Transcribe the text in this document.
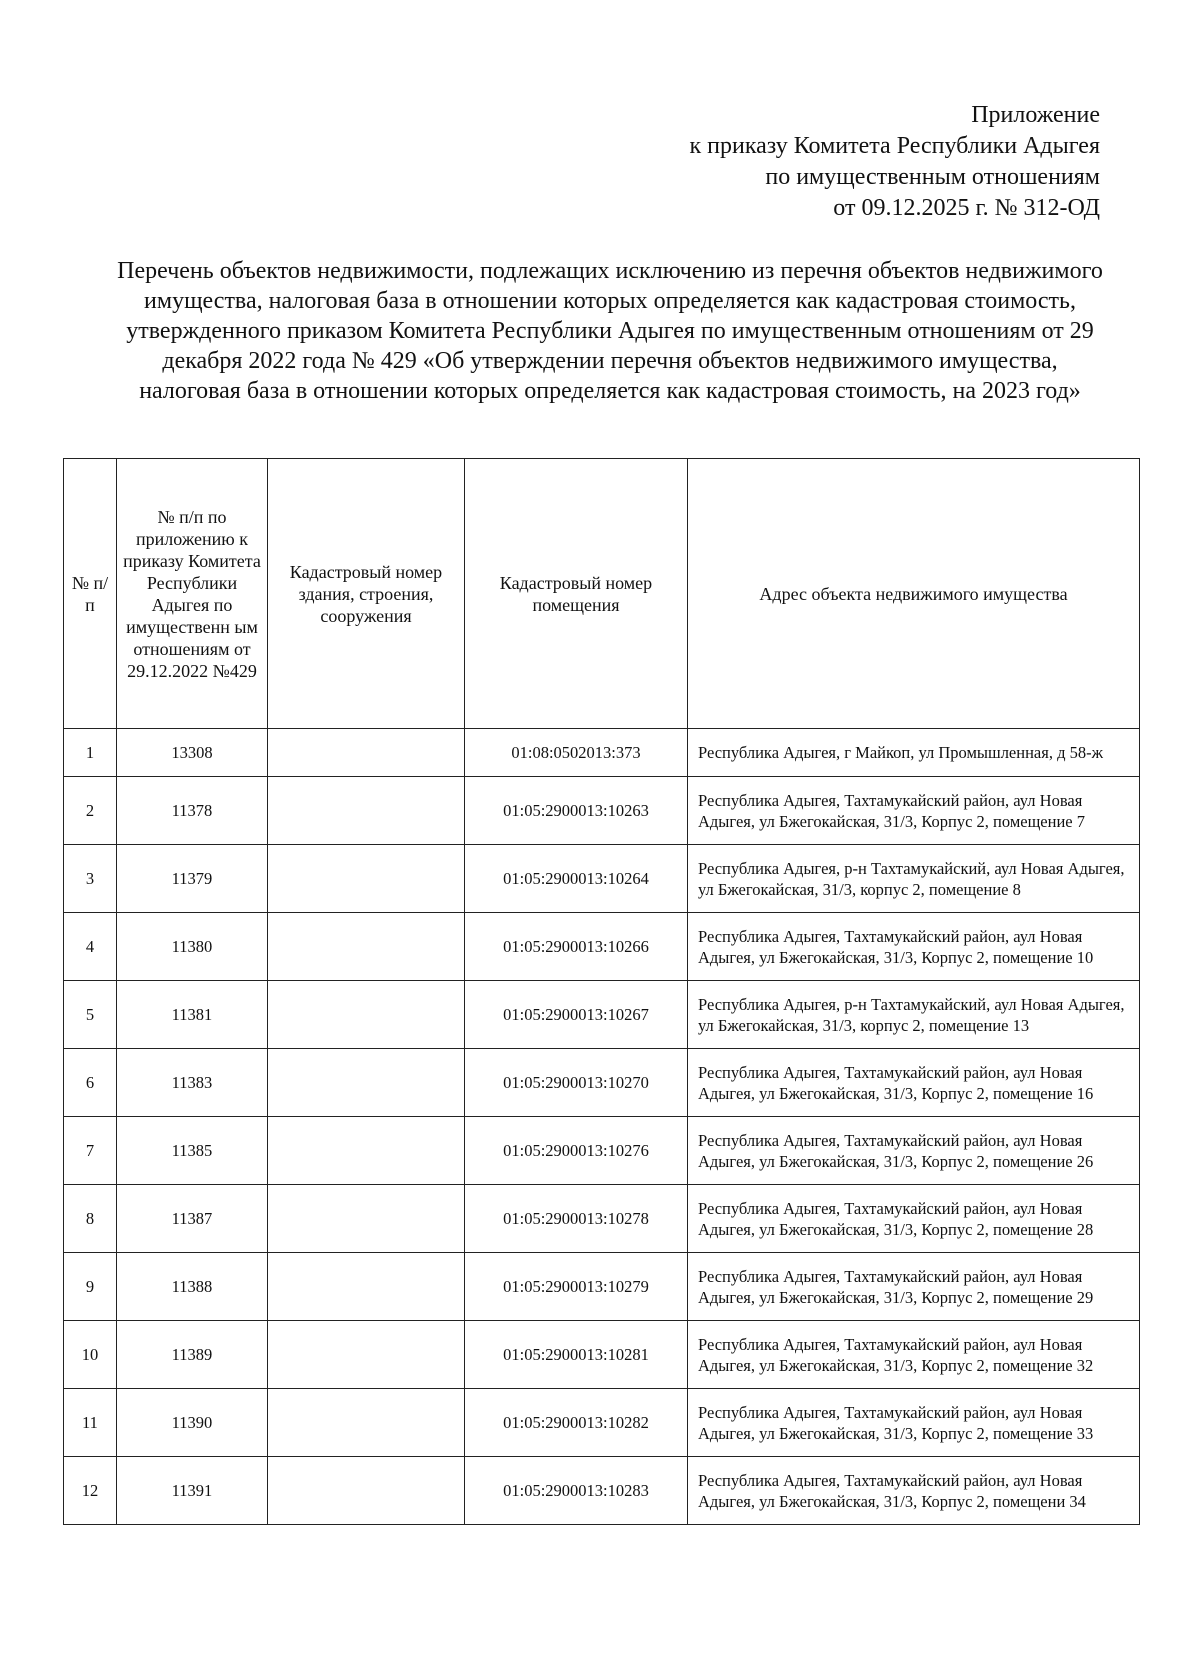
Приложение
к приказу Комитета Республики Адыгея
по имущественным отношениям
от 09.12.2025 г. № 312-ОД
Перечень объектов недвижимости, подлежащих исключению из перечня объектов недвижимого имущества, налоговая база в отношении которых определяется как кадастровая стоимость, утвержденного приказом Комитета Республики Адыгея по имущественным отношениям от 29 декабря 2022 года № 429 «Об утверждении перечня объектов недвижимого имущества, налоговая база в отношении которых определяется как кадастровая стоимость, на 2023 год»
№ п/п	№ п/п по приложению к приказу Комитета Республики Адыгея по имущественн ым отношениям от 29.12.2022 №429	Кадастровый номер здания, строения, сооружения	Кадастровый номер помещения	Адрес объекта недвижимого имущества
1	13308		01:08:0502013:373	Республика Адыгея, г Майкоп, ул Промышленная, д 58-ж
2	11378		01:05:2900013:10263	Республика Адыгея, Тахтамукайский район, аул Новая Адыгея, ул Бжегокайская, 31/3, Корпус 2, помещение 7
3	11379		01:05:2900013:10264	Республика Адыгея, р-н Тахтамукайский, аул Новая Адыгея, ул Бжегокайская, 31/3, корпус 2, помещение 8
4	11380		01:05:2900013:10266	Республика Адыгея, Тахтамукайский район, аул Новая Адыгея, ул Бжегокайская, 31/3, Корпус 2, помещение 10
5	11381		01:05:2900013:10267	Республика Адыгея, р-н Тахтамукайский, аул Новая Адыгея, ул Бжегокайская, 31/3, корпус 2, помещение 13
6	11383		01:05:2900013:10270	Республика Адыгея, Тахтамукайский район, аул Новая Адыгея, ул Бжегокайская, 31/3, Корпус 2, помещение 16
7	11385		01:05:2900013:10276	Республика Адыгея, Тахтамукайский район, аул Новая Адыгея, ул Бжегокайская, 31/3, Корпус 2, помещение 26
8	11387		01:05:2900013:10278	Республика Адыгея, Тахтамукайский район, аул Новая Адыгея, ул Бжегокайская, 31/3, Корпус 2, помещение 28
9	11388		01:05:2900013:10279	Республика Адыгея, Тахтамукайский район, аул Новая Адыгея, ул Бжегокайская, 31/3, Корпус 2, помещение 29
10	11389		01:05:2900013:10281	Республика Адыгея, Тахтамукайский район, аул Новая Адыгея, ул Бжегокайская, 31/3, Корпус 2, помещение 32
11	11390		01:05:2900013:10282	Республика Адыгея, Тахтамукайский район, аул Новая Адыгея, ул Бжегокайская, 31/3, Корпус 2, помещение 33
12	11391		01:05:2900013:10283	Республика Адыгея, Тахтамукайский район, аул Новая Адыгея, ул Бжегокайская, 31/3, Корпус 2, помещени 34
